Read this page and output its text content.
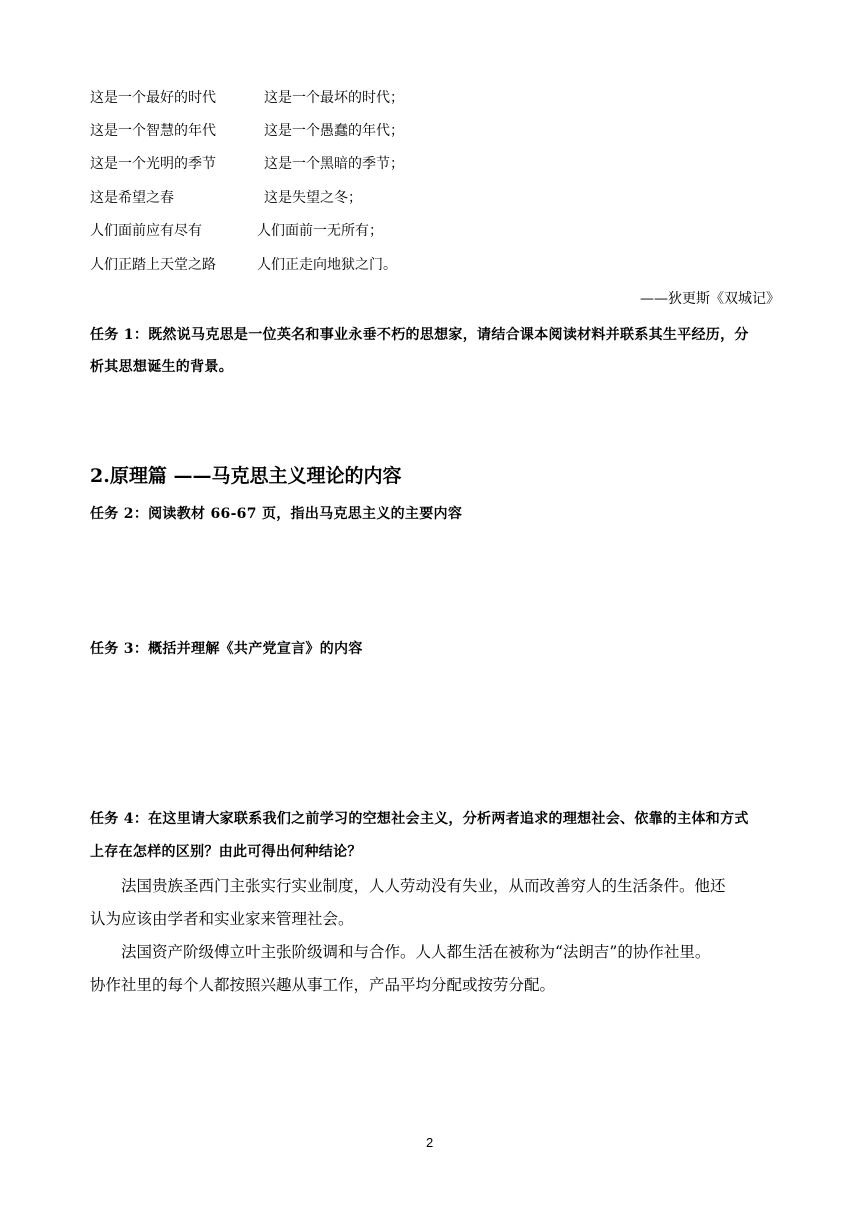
这是一个最好的时代	这是一个最坏的时代；
这是一个智慧的年代	这是一个愚蠢的年代；
这是一个光明的季节	这是一个黑暗的季节；
这是希望之春	这是失望之冬；
人们面前应有尽有	人们面前一无所有；
人们正踏上天堂之路	人们正走向地狱之门。
——狄更斯《双城记》
任务 1：既然说马克思是一位英名和事业永垂不朽的思想家，请结合课本阅读材料并联系其生平经历，分
析其思想诞生的背景。
2.原理篇 ——马克思主义理论的内容
任务 2：阅读教材 66-67 页，指出马克思主义的主要内容
任务 3：概括并理解《共产党宣言》的内容
任务 4：在这里请大家联系我们之前学习的空想社会主义，分析两者追求的理想社会、依靠的主体和方式
上存在怎样的区别？由此可得出何种结论？
法国贵族圣西门主张实行实业制度，人人劳动没有失业，从而改善穷人的生活条件。他还
认为应该由学者和实业家来管理社会。
法国资产阶级傅立叶主张阶级调和与合作。人人都生活在被称为“法朗吉”的协作社里。
协作社里的每个人都按照兴趣从事工作，产品平均分配或按劳分配。
2
